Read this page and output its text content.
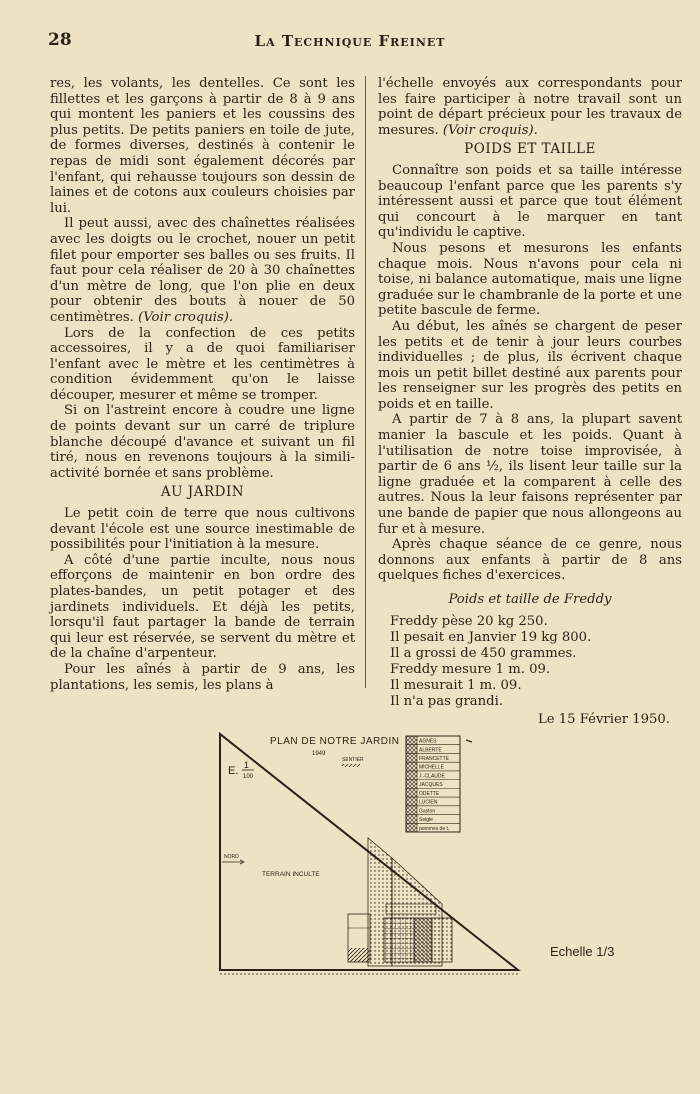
28	La Technique Freinet

res, les volants, les dentelles. Ce sont les fillettes et les garçons à partir de 8 à 9 ans qui montent les paniers et les coussins des plus petits. De petits paniers en toile de jute, de formes diverses, destinés à contenir le repas de midi sont également décorés par l'enfant, qui rehausse toujours son dessin de laines et de cotons aux couleurs choisies par lui.

Il peut aussi, avec des chaînettes réalisées avec les doigts ou le crochet, nouer un petit filet pour emporter ses balles ou ses fruits. Il faut pour cela réaliser de 20 à 30 chaînettes d'un mètre de long, que l'on plie en deux pour obtenir des bouts à nouer de 50 centimètres. (Voir croquis).

Lors de la confection de ces petits accessoires, il y a de quoi familiariser l'enfant avec le mètre et les centimètres à condition évidemment qu'on le laisse découper, mesurer et même se tromper.

Si on l'astreint encore à coudre une ligne de points devant sur un carré de triplure blanche découpé d'avance et suivant un fil tiré, nous en revenons toujours à la simili-activité bornée et sans problème.

AU JARDIN

Le petit coin de terre que nous cultivons devant l'école est une source inestimable de possibilités pour l'initiation à la mesure.

A côté d'une partie inculte, nous nous efforçons de maintenir en bon ordre des plates-bandes, un petit potager et des jardinets individuels. Et déjà les petits, lorsqu'il faut partager la bande de terrain qui leur est réservée, se servent du mètre et de la chaîne d'arpenteur.

Pour les aînés à partir de 9 ans, les plantations, les semis, les plans à

l'échelle envoyés aux correspondants pour les faire participer à notre travail sont un point de départ précieux pour les travaux de mesures. (Voir croquis).

POIDS ET TAILLE

Connaître son poids et sa taille intéresse beaucoup l'enfant parce que les parents s'y intéressent aussi et parce que tout élément qui concourt à le marquer en tant qu'individu le captive.

Nous pesons et mesurons les enfants chaque mois. Nous n'avons pour cela ni toise, ni balance automatique, mais une ligne graduée sur le chambranle de la porte et une petite bascule de ferme.

Au début, les aînés se chargent de peser les petits et de tenir à jour leurs courbes individuelles ; de plus, ils écrivent chaque mois un petit billet destiné aux parents pour les renseigner sur les progrès des petits en poids et en taille.

A partir de 7 à 8 ans, la plupart savent manier la bascule et les poids. Quant à l'utilisation de notre toise improvisée, à partir de 6 ans ½, ils lisent leur taille sur la ligne graduée et la comparent à celle des autres. Nous la leur faisons représenter par une bande de papier que nous allongeons au fur et à mesure.

Après chaque séance de ce genre, nous donnons aux enfants à partir de 8 ans quelques fiches d'exercices.

Poids et taille de Freddy
Freddy pèse 20 kg 250.
Il pesait en Janvier 19 kg 800.
Il a grossi de 450 grammes.
Freddy mesure 1 m. 09.
Il mesurait 1 m. 09.
Il n'a pas grandi.
Le 15 Février 1950.
PLAN DE NOTRE JARDIN
1949
E. 1
100
SENTIER
NORD
TERRAIN INCULTE
AGNÈS
ALBERTE
FRANCETTE
MICHELLE
J.-CLAUDE
JACQUES
ODETTE
LUCIEN
Gaston
Seigle
pommes de t.
Echelle 1/3
